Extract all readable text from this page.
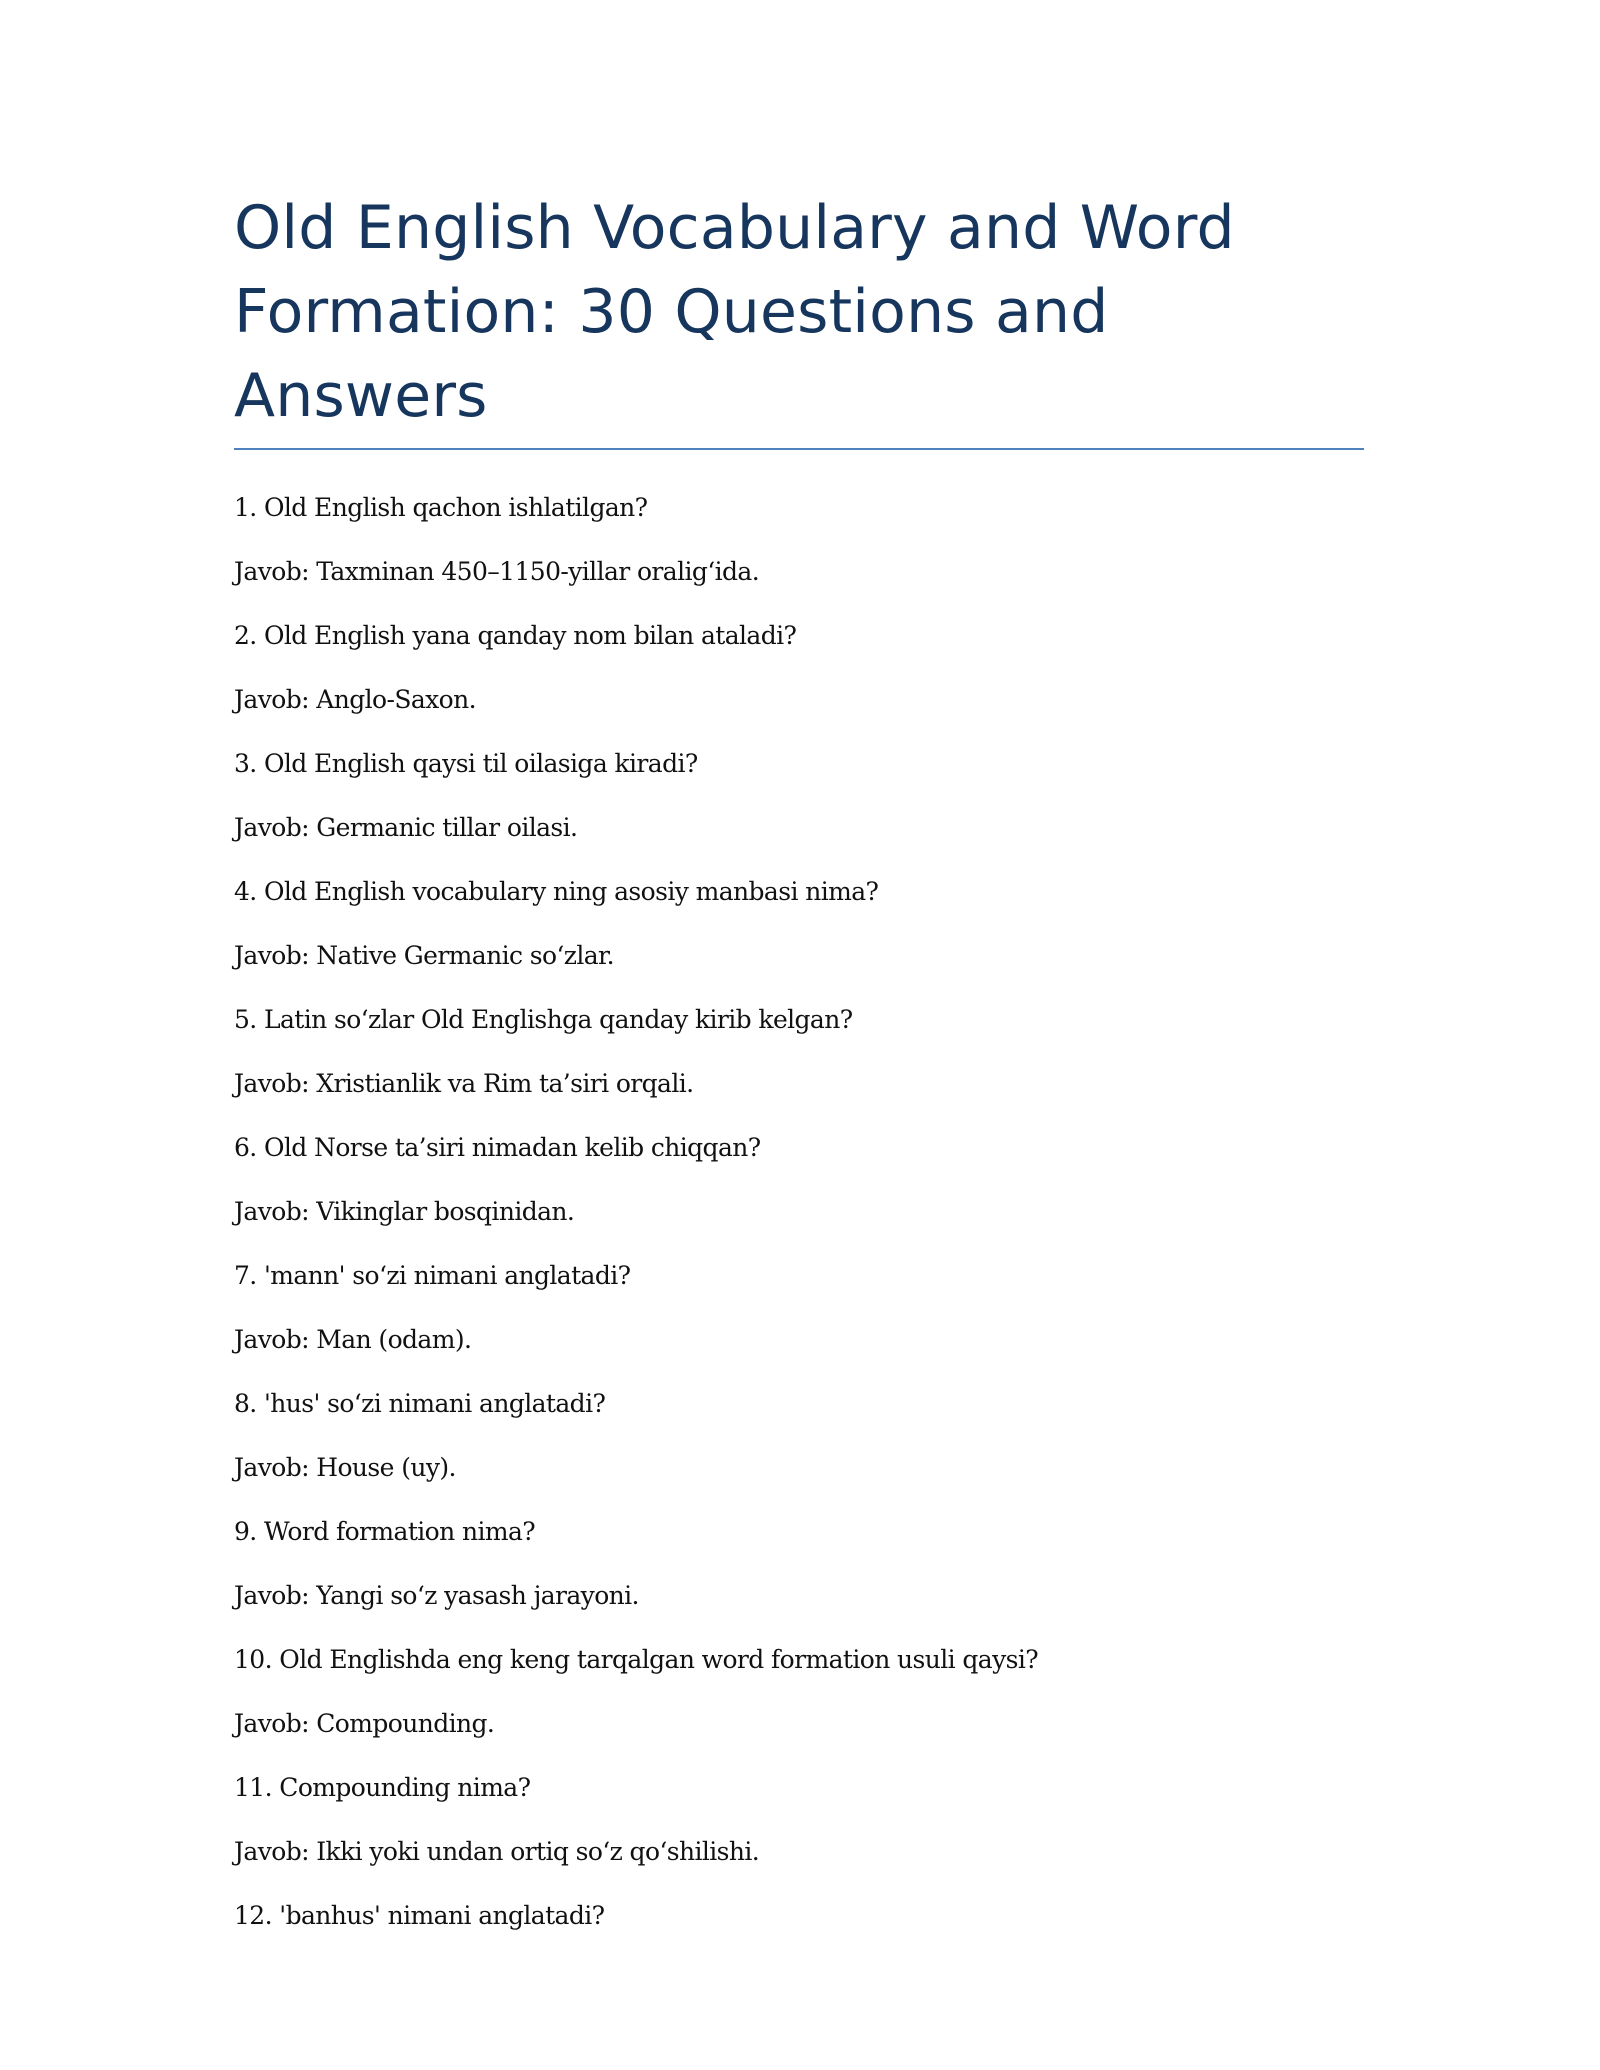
Old English Vocabulary and Word
Formation: 30 Questions and Answers
1. Old English qachon ishlatilgan?
Javob: Taxminan 450–1150-yillar oralig‘ida.
2. Old English yana qanday nom bilan ataladi?
Javob: Anglo-Saxon.
3. Old English qaysi til oilasiga kiradi?
Javob: Germanic tillar oilasi.
4. Old English vocabulary ning asosiy manbasi nima?
Javob: Native Germanic so‘zlar.
5. Latin so‘zlar Old Englishga qanday kirib kelgan?
Javob: Xristianlik va Rim ta’siri orqali.
6. Old Norse ta’siri nimadan kelib chiqqan?
Javob: Vikinglar bosqinidan.
7. 'mann' so‘zi nimani anglatadi?
Javob: Man (odam).
8. 'hus' so‘zi nimani anglatadi?
Javob: House (uy).
9. Word formation nima?
Javob: Yangi so‘z yasash jarayoni.
10. Old Englishda eng keng tarqalgan word formation usuli qaysi?
Javob: Compounding.
11. Compounding nima?
Javob: Ikki yoki undan ortiq so‘z qo‘shilishi.
12. 'banhus' nimani anglatadi?
